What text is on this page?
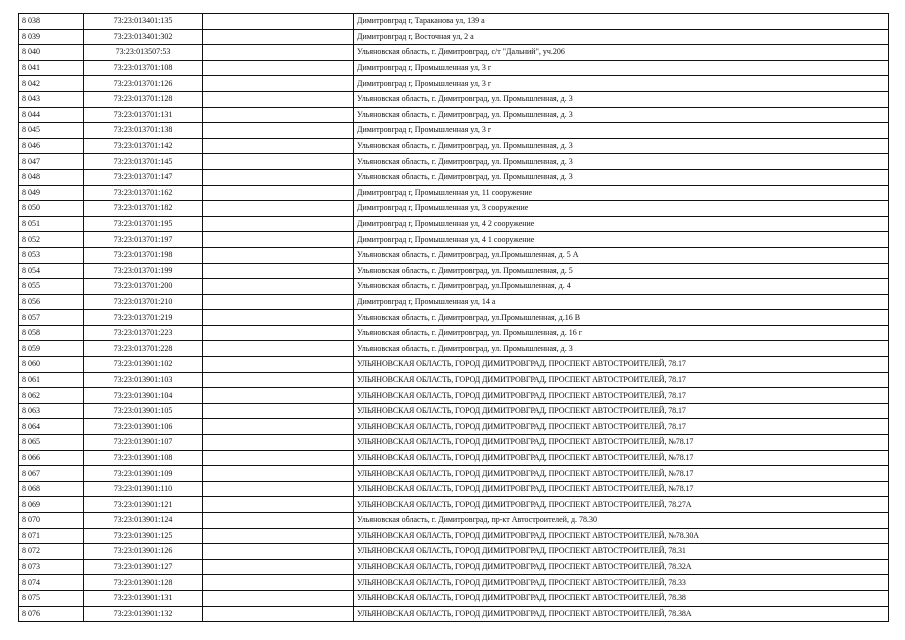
8 038	73:23:013401:135		Димитровград г, Таракановa ул, 139 а
8 039	73:23:013401:302		Димитровград г, Восточная ул, 2 а
8 040	73:23:013507:53		Ульяновская область, г. Димитровград, с/т "Дальний", уч.206
8 041	73:23:013701:108		Димитровград г, Промышленная ул, 3 г
8 042	73:23:013701:126		Димитровград г, Промышленная ул, 3 г
8 043	73:23:013701:128		Ульяновская область, г. Димитровград, ул. Промышленная, д. 3
8 044	73:23:013701:131		Ульяновская область, г. Димитровград, ул. Промышленная, д. 3
8 045	73:23:013701:138		Димитровград г, Промышленная ул, 3 г
8 046	73:23:013701:142		Ульяновская область, г. Димитровград, ул. Промышленная, д. 3
8 047	73:23:013701:145		Ульяновская область, г. Димитровград, ул. Промышленная, д. 3
8 048	73:23:013701:147		Ульяновская область, г. Димитровград, ул. Промышленная, д. 3
8 049	73:23:013701:162		Димитровград г, Промышленная ул, 11 сооружение
8 050	73:23:013701:182		Димитровград г, Промышленная ул, 3 сооружение
8 051	73:23:013701:195		Димитровград г, Промышленная ул, 4 2 сооружение
8 052	73:23:013701:197		Димитровград г, Промышленная ул, 4 1 сооружение
8 053	73:23:013701:198		Ульяновская область, г. Димитровград, ул.Промышленная, д. 5 А
8 054	73:23:013701:199		Ульяновская область, г. Димитровград, ул. Промышленная, д. 5
8 055	73:23:013701:200		Ульяновская область, г. Димитровград, ул.Промышленная, д. 4
8 056	73:23:013701:210		Димитровград г, Промышленная ул, 14 а
8 057	73:23:013701:219		Ульяновская область, г. Димитровград, ул.Промышленная, д.16 В
8 058	73:23:013701:223		Ульяновская область, г. Димитровград, ул. Промышленная, д. 16 г
8 059	73:23:013701:228		Ульяновская область, г. Димитровград, ул. Промышленная, д. 3
8 060	73:23:013901:102		УЛЬЯНОВСКАЯ ОБЛАСТЬ, ГОРОД ДИМИТРОВГРАД, ПРОСПЕКТ АВТОСТРОИТЕЛЕЙ, 78.17
8 061	73:23:013901:103		УЛЬЯНОВСКАЯ ОБЛАСТЬ, ГОРОД ДИМИТРОВГРАД, ПРОСПЕКТ АВТОСТРОИТЕЛЕЙ, 78.17
8 062	73:23:013901:104		УЛЬЯНОВСКАЯ ОБЛАСТЬ, ГОРОД ДИМИТРОВГРАД, ПРОСПЕКТ АВТОСТРОИТЕЛЕЙ, 78.17
8 063	73:23:013901:105		УЛЬЯНОВСКАЯ ОБЛАСТЬ, ГОРОД ДИМИТРОВГРАД, ПРОСПЕКТ АВТОСТРОИТЕЛЕЙ, 78.17
8 064	73:23:013901:106		УЛЬЯНОВСКАЯ ОБЛАСТЬ, ГОРОД ДИМИТРОВГРАД, ПРОСПЕКТ АВТОСТРОИТЕЛЕЙ, 78.17
8 065	73:23:013901:107		УЛЬЯНОВСКАЯ ОБЛАСТЬ, ГОРОД ДИМИТРОВГРАД, ПРОСПЕКТ АВТОСТРОИТЕЛЕЙ, №78.17
8 066	73:23:013901:108		УЛЬЯНОВСКАЯ ОБЛАСТЬ, ГОРОД ДИМИТРОВГРАД, ПРОСПЕКТ АВТОСТРОИТЕЛЕЙ, №78.17
8 067	73:23:013901:109		УЛЬЯНОВСКАЯ ОБЛАСТЬ, ГОРОД ДИМИТРОВГРАД, ПРОСПЕКТ АВТОСТРОИТЕЛЕЙ, №78.17
8 068	73:23:013901:110		УЛЬЯНОВСКАЯ ОБЛАСТЬ, ГОРОД ДИМИТРОВГРАД, ПРОСПЕКТ АВТОСТРОИТЕЛЕЙ, №78.17
8 069	73:23:013901:121		УЛЬЯНОВСКАЯ ОБЛАСТЬ, ГОРОД ДИМИТРОВГРАД, ПРОСПЕКТ АВТОСТРОИТЕЛЕЙ, 78.27А
8 070	73:23:013901:124		Ульяновская область, г. Димитровград, пр-кт Автостроителей, д. 78.30
8 071	73:23:013901:125		УЛЬЯНОВСКАЯ ОБЛАСТЬ, ГОРОД ДИМИТРОВГРАД, ПРОСПЕКТ АВТОСТРОИТЕЛЕЙ, №78.30А
8 072	73:23:013901:126		УЛЬЯНОВСКАЯ ОБЛАСТЬ, ГОРОД ДИМИТРОВГРАД, ПРОСПЕКТ АВТОСТРОИТЕЛЕЙ, 78.31
8 073	73:23:013901:127		УЛЬЯНОВСКАЯ ОБЛАСТЬ, ГОРОД ДИМИТРОВГРАД, ПРОСПЕКТ АВТОСТРОИТЕЛЕЙ, 78.32А
8 074	73:23:013901:128		УЛЬЯНОВСКАЯ ОБЛАСТЬ, ГОРОД ДИМИТРОВГРАД, ПРОСПЕКТ АВТОСТРОИТЕЛЕЙ, 78.33
8 075	73:23:013901:131		УЛЬЯНОВСКАЯ ОБЛАСТЬ, ГОРОД ДИМИТРОВГРАД, ПРОСПЕКТ АВТОСТРОИТЕЛЕЙ, 78.38
8 076	73:23:013901:132		УЛЬЯНОВСКАЯ ОБЛАСТЬ, ГОРОД ДИМИТРОВГРАД, ПРОСПЕКТ АВТОСТРОИТЕЛЕЙ, 78.38А
